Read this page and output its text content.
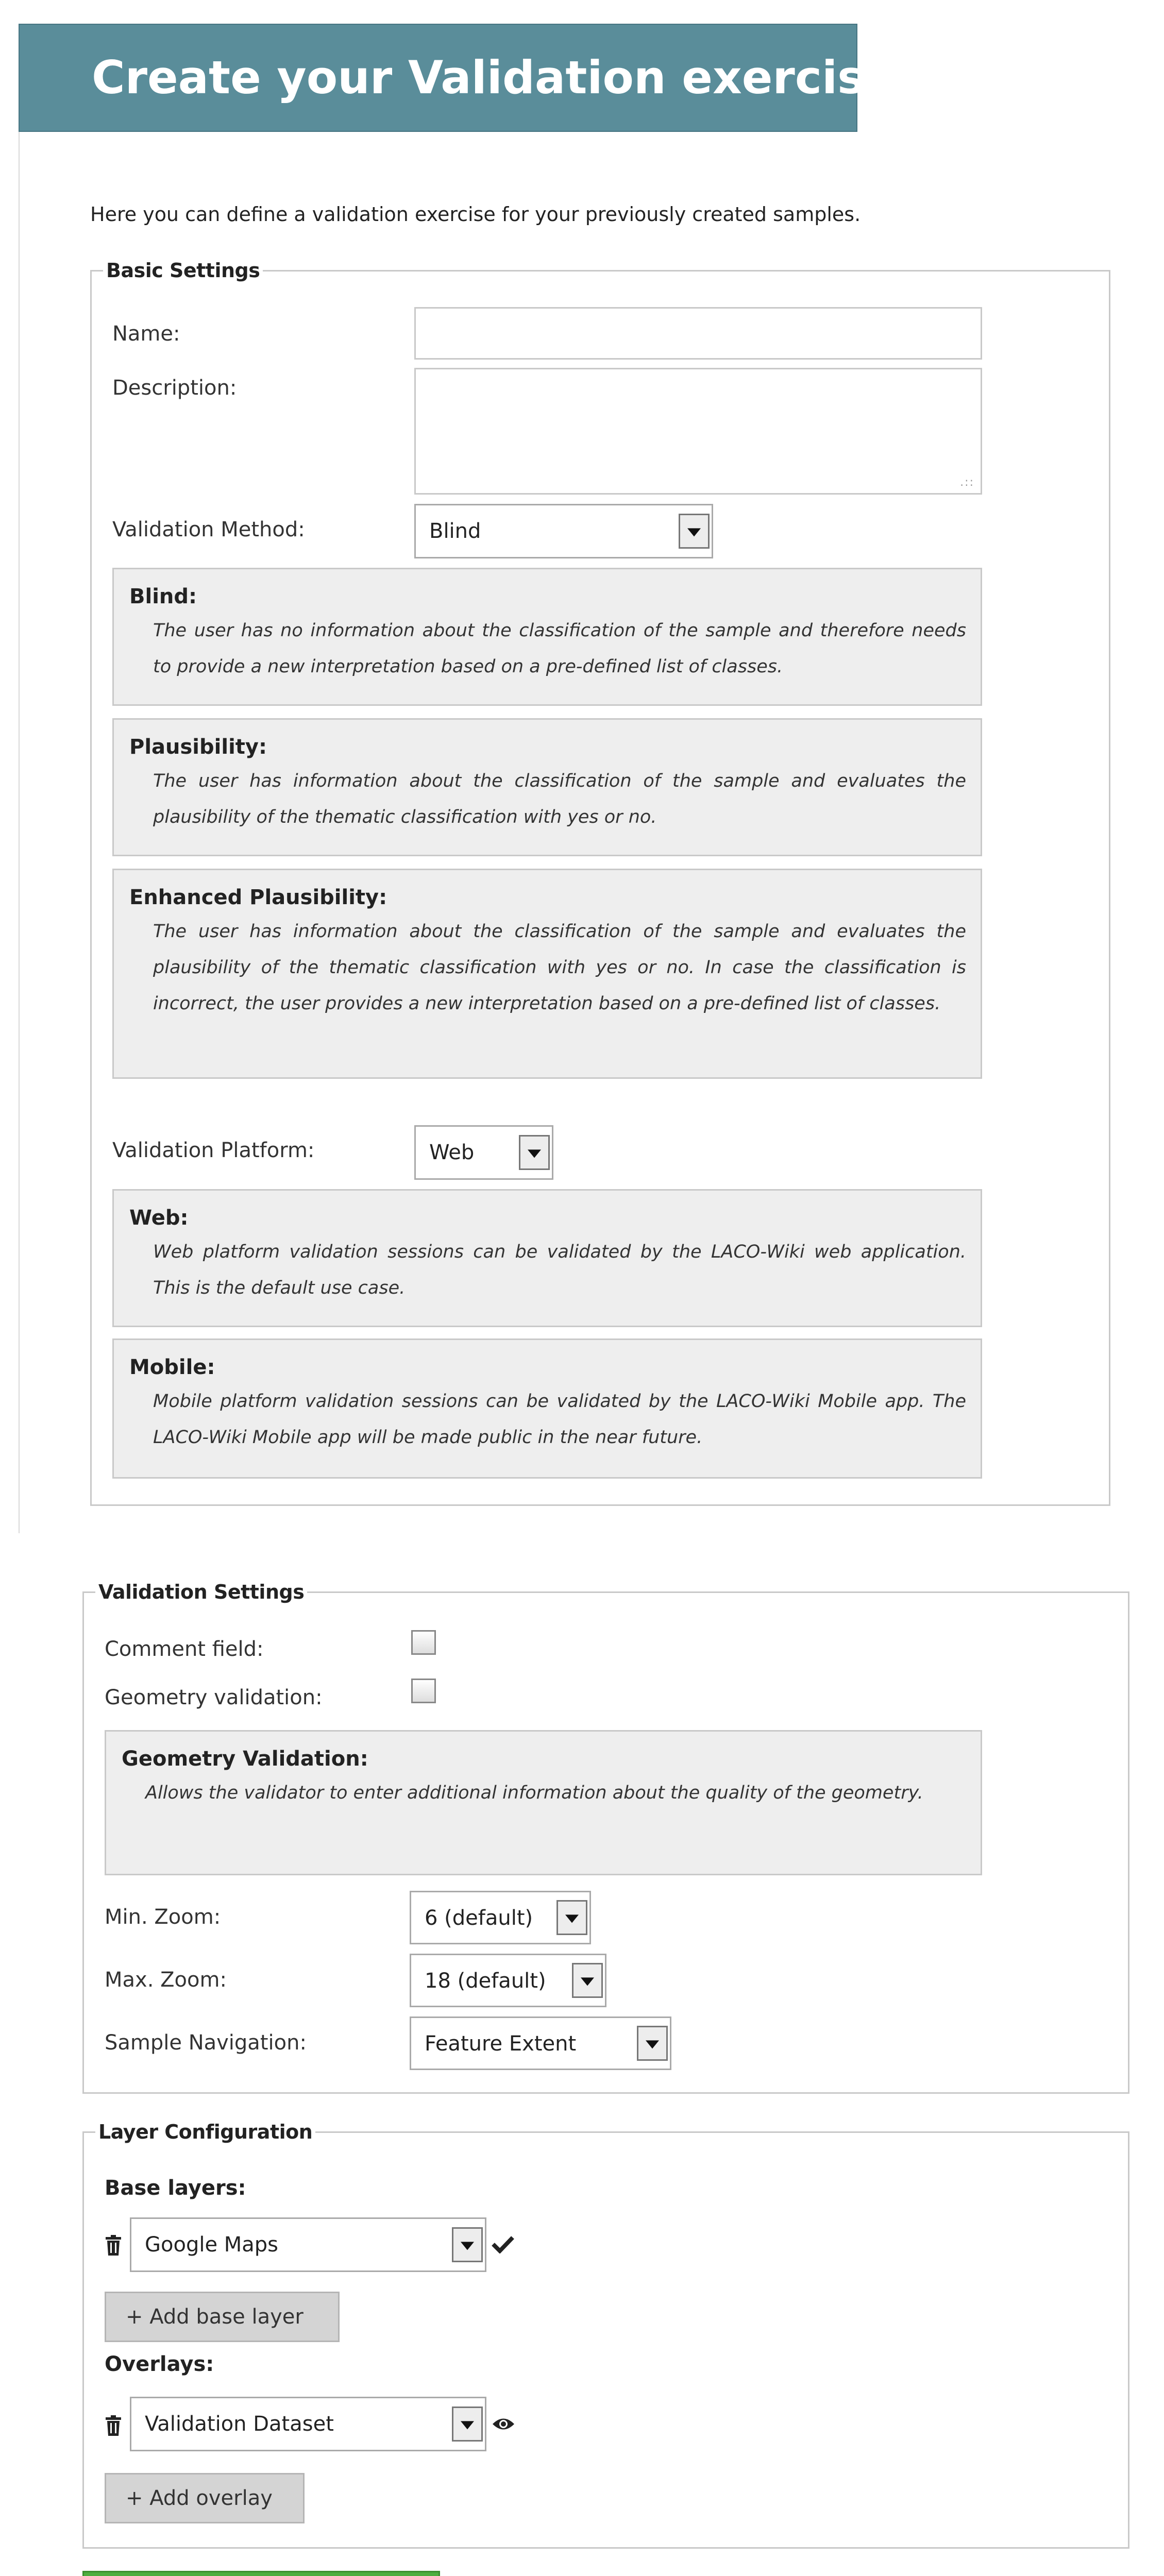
Create your Validation exercise
Here you can define a validation exercise for your previously created samples.
Basic Settings
Name:
Description:
.::
Validation Method:	Blind
Blind:
The user has no information about the classification of the sample and therefore needs to provide a new interpretation based on a pre-defined list of classes.
Plausibility:
The user has information about the classification of the sample and evaluates the plausibility of the thematic classification with yes or no.
Enhanced Plausibility:
The user has information about the classification of the sample and evaluates the plausibility of the thematic classification with yes or no. In case the classification is incorrect, the user provides a new interpretation based on a pre-defined list of classes.
Validation Platform:	Web
Web:
Web platform validation sessions can be validated by the LACO-Wiki web application. This is the default use case.
Mobile:
Mobile platform validation sessions can be validated by the LACO-Wiki Mobile app. The LACO-Wiki Mobile app will be made public in the near future.
Validation Settings
Comment field:
Geometry validation:
Geometry Validation:
Allows the validator to enter additional information about the quality of the geometry.
Min. Zoom:	6 (default)
Max. Zoom:	18 (default)
Sample Navigation:	Feature Extent
Layer Configuration
Base layers:
Google Maps
+ Add base layer
Overlays:
Validation Dataset
+ Add overlay
